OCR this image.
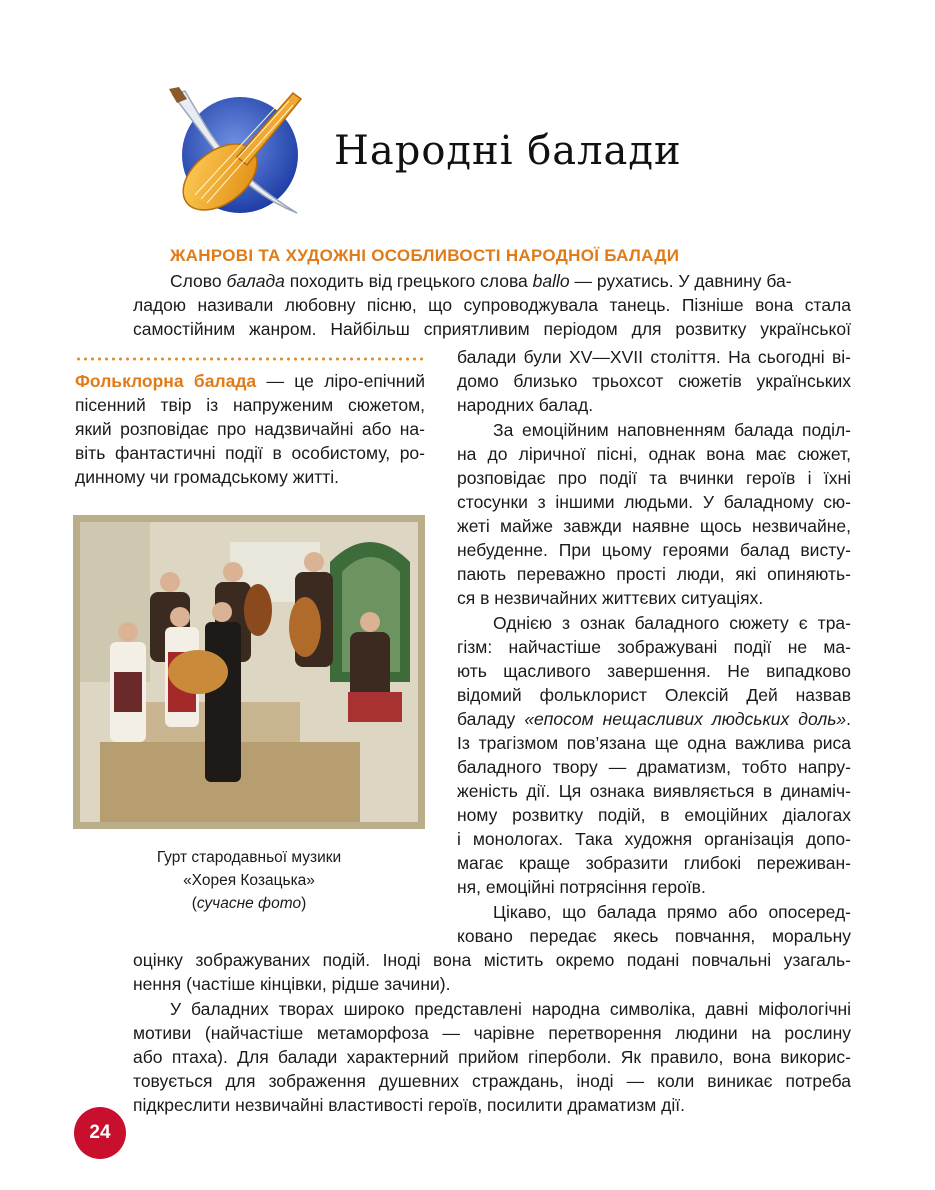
Народні балади
ЖАНРОВІ ТА ХУДОЖНІ ОСОБЛИВОСТІ НАРОДНОЇ БАЛАДИ
Слово балада походить від грецького слова ballo — рухатись. У давнину ба-
ладою називали любовну пісню, що супроводжувала танець. Пізніше вона стала
самостійним жанром. Найбільш сприятливим періодом для розвитку української
Фольклорна балада — це ліро-епічний
пісенний твір із напруженим сюжетом,
який розповідає про надзвичайні або на-
віть фантастичні події в особистому, ро-
динному чи громадському житті.
балади були XV—XVII століття. На сьогодні ві-
домо близько трьохсот сюжетів українських
народних балад.
За емоційним наповненням балада поділ-
на до ліричної пісні, однак вона має сюжет,
розповідає про події та вчинки героїв і їхні
стосунки з іншими людьми. У баладному сю-
жеті майже завжди наявне щось незвичайне,
небуденне. При цьому героями балад висту-
пають переважно прості люди, які опиняють-
ся в незвичайних життєвих ситуаціях.
Однією з ознак баладного сюжету є тра-
гізм: найчастіше зображувані події не ма-
ють щасливого завершення. Не випадково
відомий фольклорист Олексій Дей назвав
баладу «епосом нещасливих людських доль».
Із трагізмом пов’язана ще одна важлива риса
баладного твору — драматизм, тобто напру-
женість дії. Ця ознака виявляється в динаміч-
ному розвитку подій, в емоційних діалогах
і монологах. Така художня організація допо-
магає краще зобразити глибокі переживан-
ня, емоційні потрясіння героїв.
Цікаво, що балада прямо або опосеред-
ковано передає якесь повчання, моральну
Гурт стародавньої музики
«Хорея Козацька»
(сучасне фото)
оцінку зображуваних подій. Іноді вона містить окремо подані повчальні узагаль-
нення (частіше кінцівки, рідше зачини).
У баладних творах широко представлені народна символіка, давні міфологічні
мотиви (найчастіше метаморфоза — чарівне перетворення людини на рослину
або птаха). Для балади характерний прийом гіперболи. Як правило, вона викорис-
товується для зображення душевних страждань, іноді — коли виникає потреба
підкреслити незвичайні властивості героїв, посилити драматизм дії.
24
